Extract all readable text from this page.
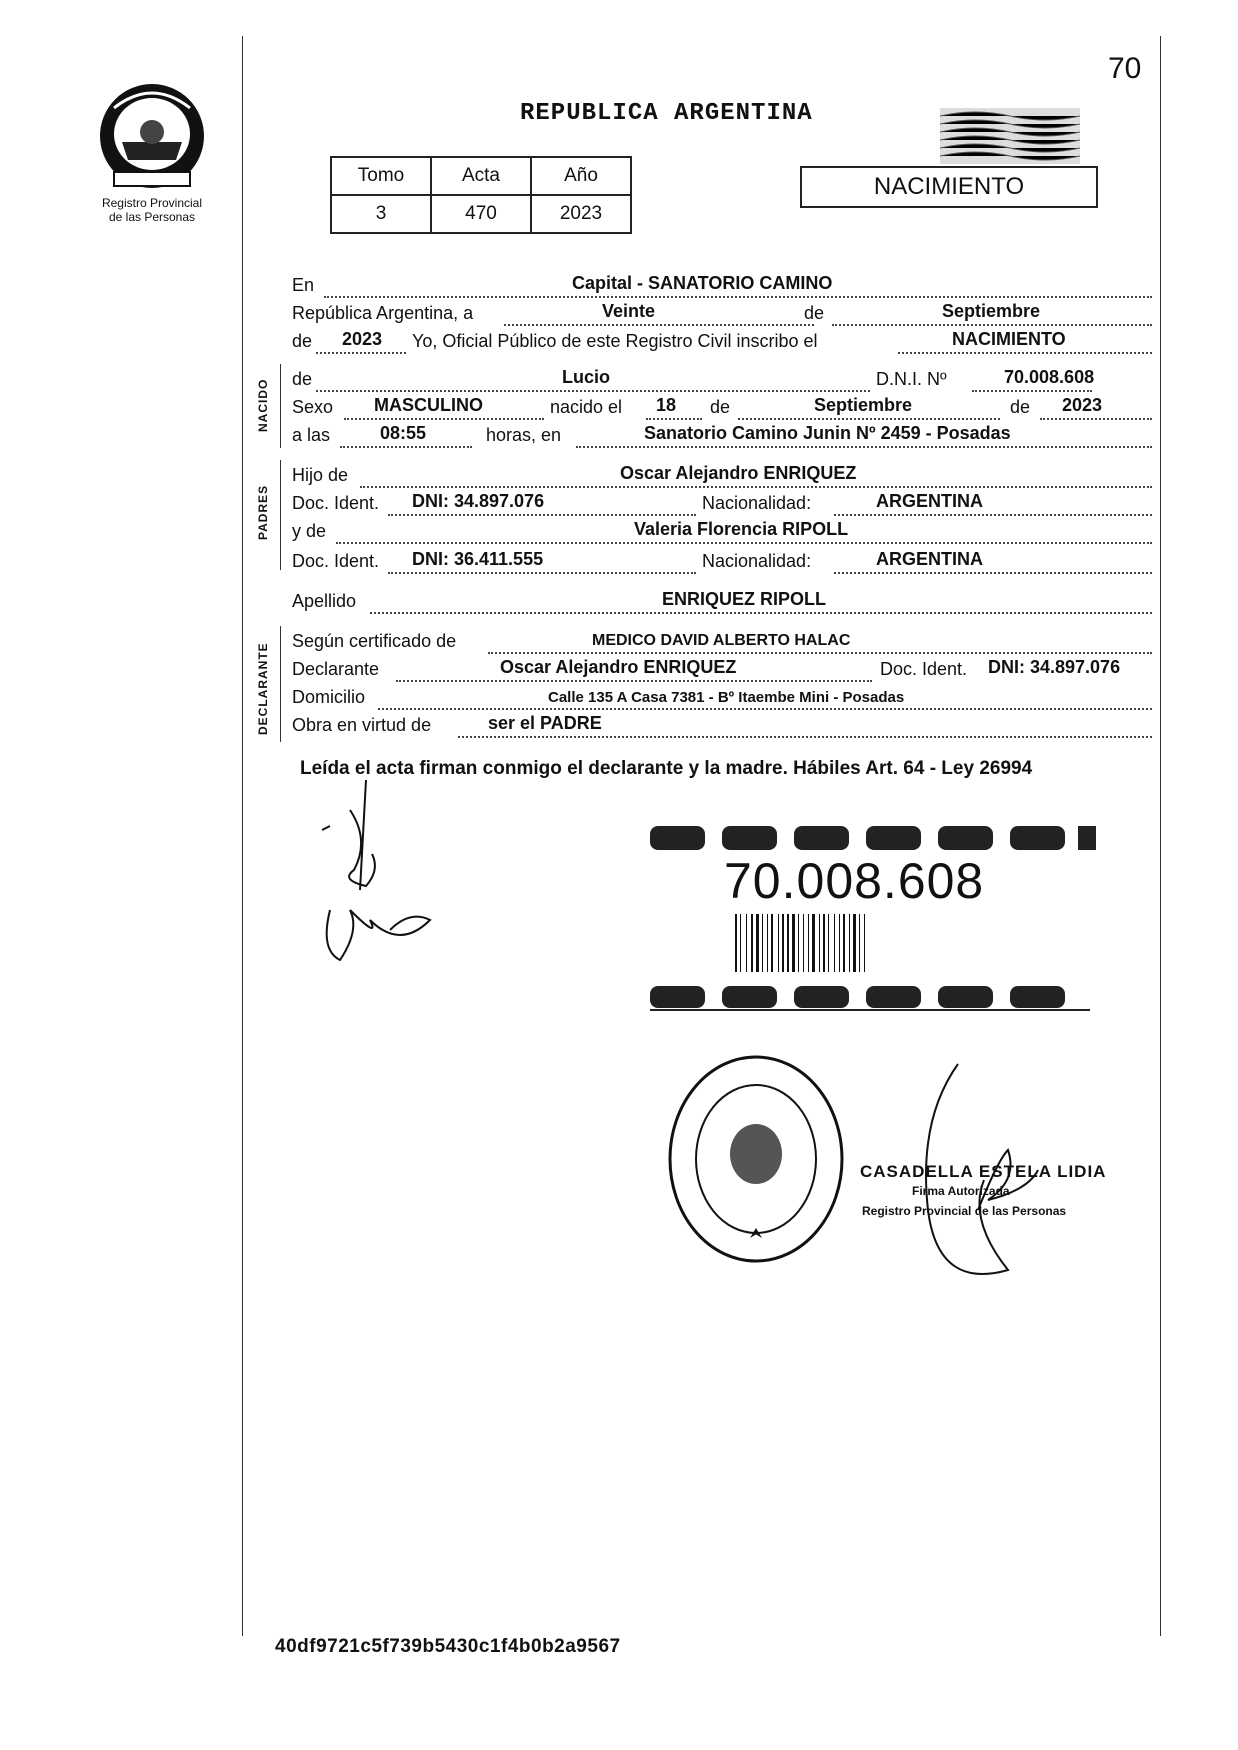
70
Registro Provincial
de las Personas
REPUBLICA ARGENTINA
NACIMIENTO
Tomo	Acta	Año
3	470	2023
NACIDO
PADRES
DECLARANTE
En	Capital - SANATORIO CAMINO
República Argentina, a	Veinte	de	Septiembre
de 2023 Yo, Oficial Público de este Registro Civil inscribo el	NACIMIENTO
de	Lucio	D.N.I. Nº	70.008.608
Sexo MASCULINO	nacido el 18 de	Septiembre	de 2023
a las	08:55	horas, en	Sanatorio Camino Junin Nº 2459 - Posadas
Hijo de	Oscar Alejandro ENRIQUEZ
Doc. Ident. DNI: 34.897.076	Nacionalidad:	ARGENTINA
y de	Valeria Florencia RIPOLL
Doc. Ident. DNI: 36.411.555	Nacionalidad:	ARGENTINA
Apellido	ENRIQUEZ RIPOLL
Según certificado de	MEDICO DAVID ALBERTO HALAC
Declarante	Oscar Alejandro ENRIQUEZ	Doc. Ident. DNI: 34.897.076
Domicilio	Calle 135 A Casa 7381 - Bº Itaembe Mini - Posadas
Obra en virtud de	ser el PADRE
Leída el acta firman conmigo el declarante y la madre. Hábiles Art. 64 - Ley 26994
70.008.608
CASADELLA ESTELA LIDIA
Firma Autorizada
Registro Provincial de las Personas
40df9721c5f739b5430c1f4b0b2a9567
